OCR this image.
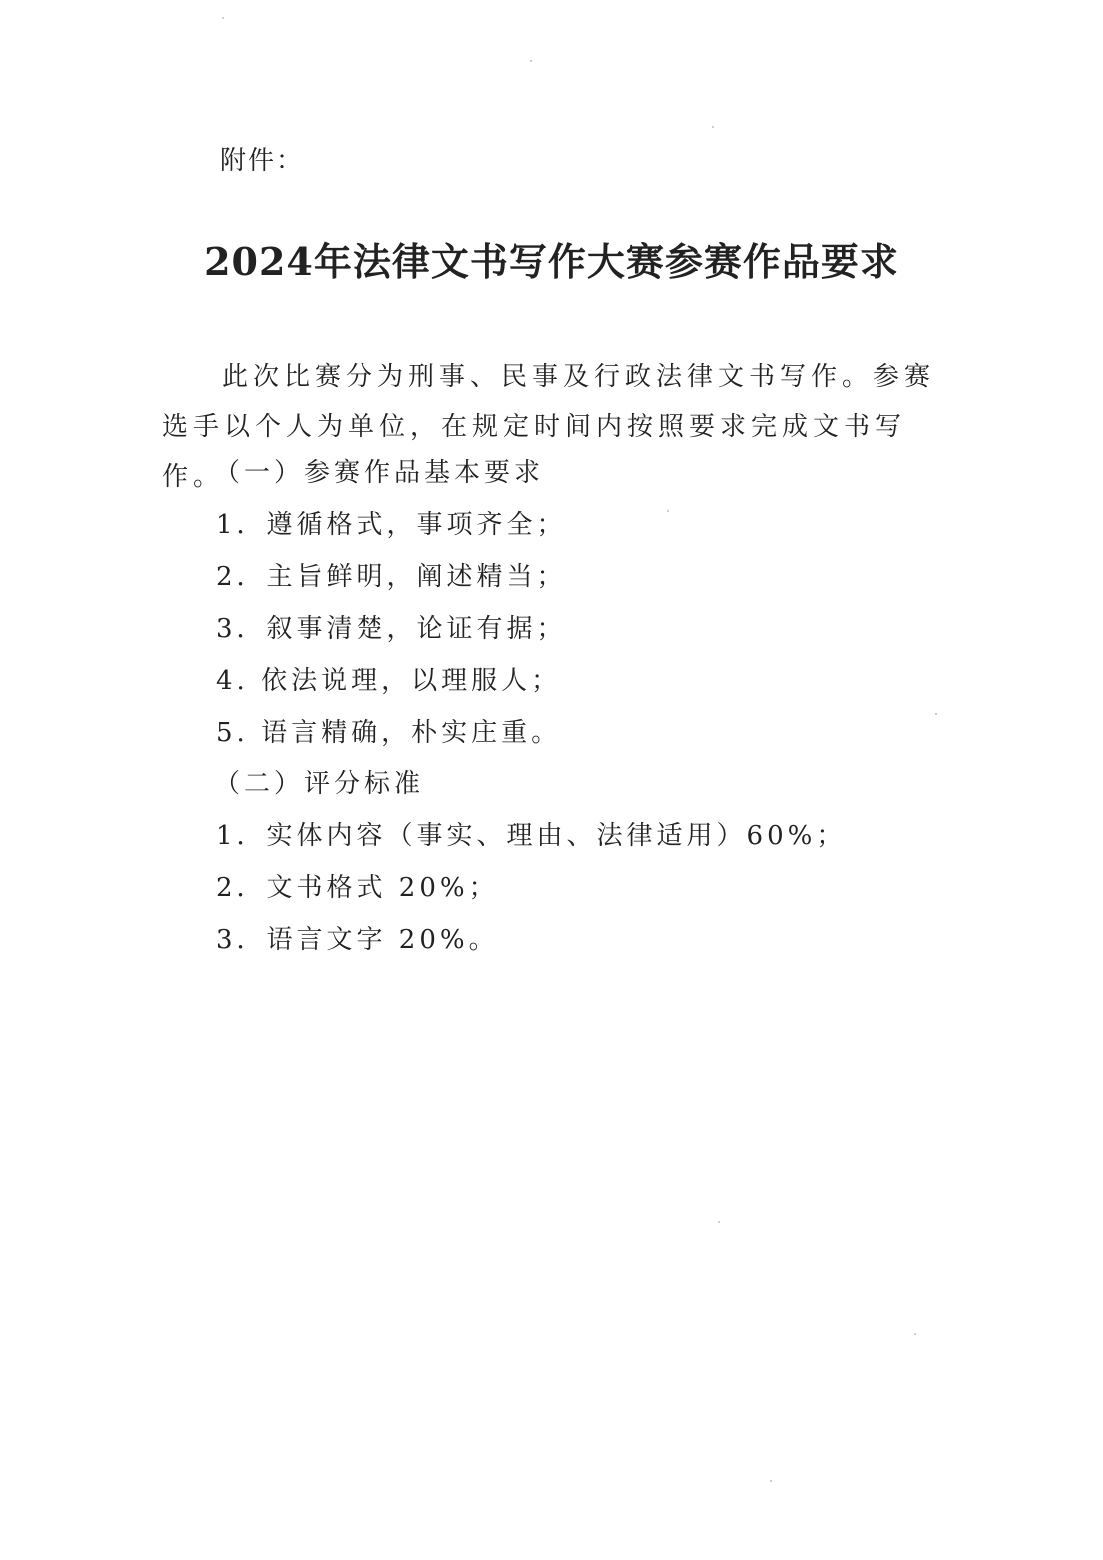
附件：
2024年法律文书写作大赛参赛作品要求

此次比赛分为刑事、民事及行政法律文书写作。参赛选手以个人为单位，在规定时间内按照要求完成文书写作。

（一）参赛作品基本要求
1．遵循格式，事项齐全；
2．主旨鲜明，阐述精当；
3．叙事清楚，论证有据；
4. 依法说理，以理服人；
5. 语言精确，朴实庄重。
（二）评分标准
1．实体内容（事实、理由、法律适用）60%；
2．文书格式 20%；
3．语言文字 20%。
